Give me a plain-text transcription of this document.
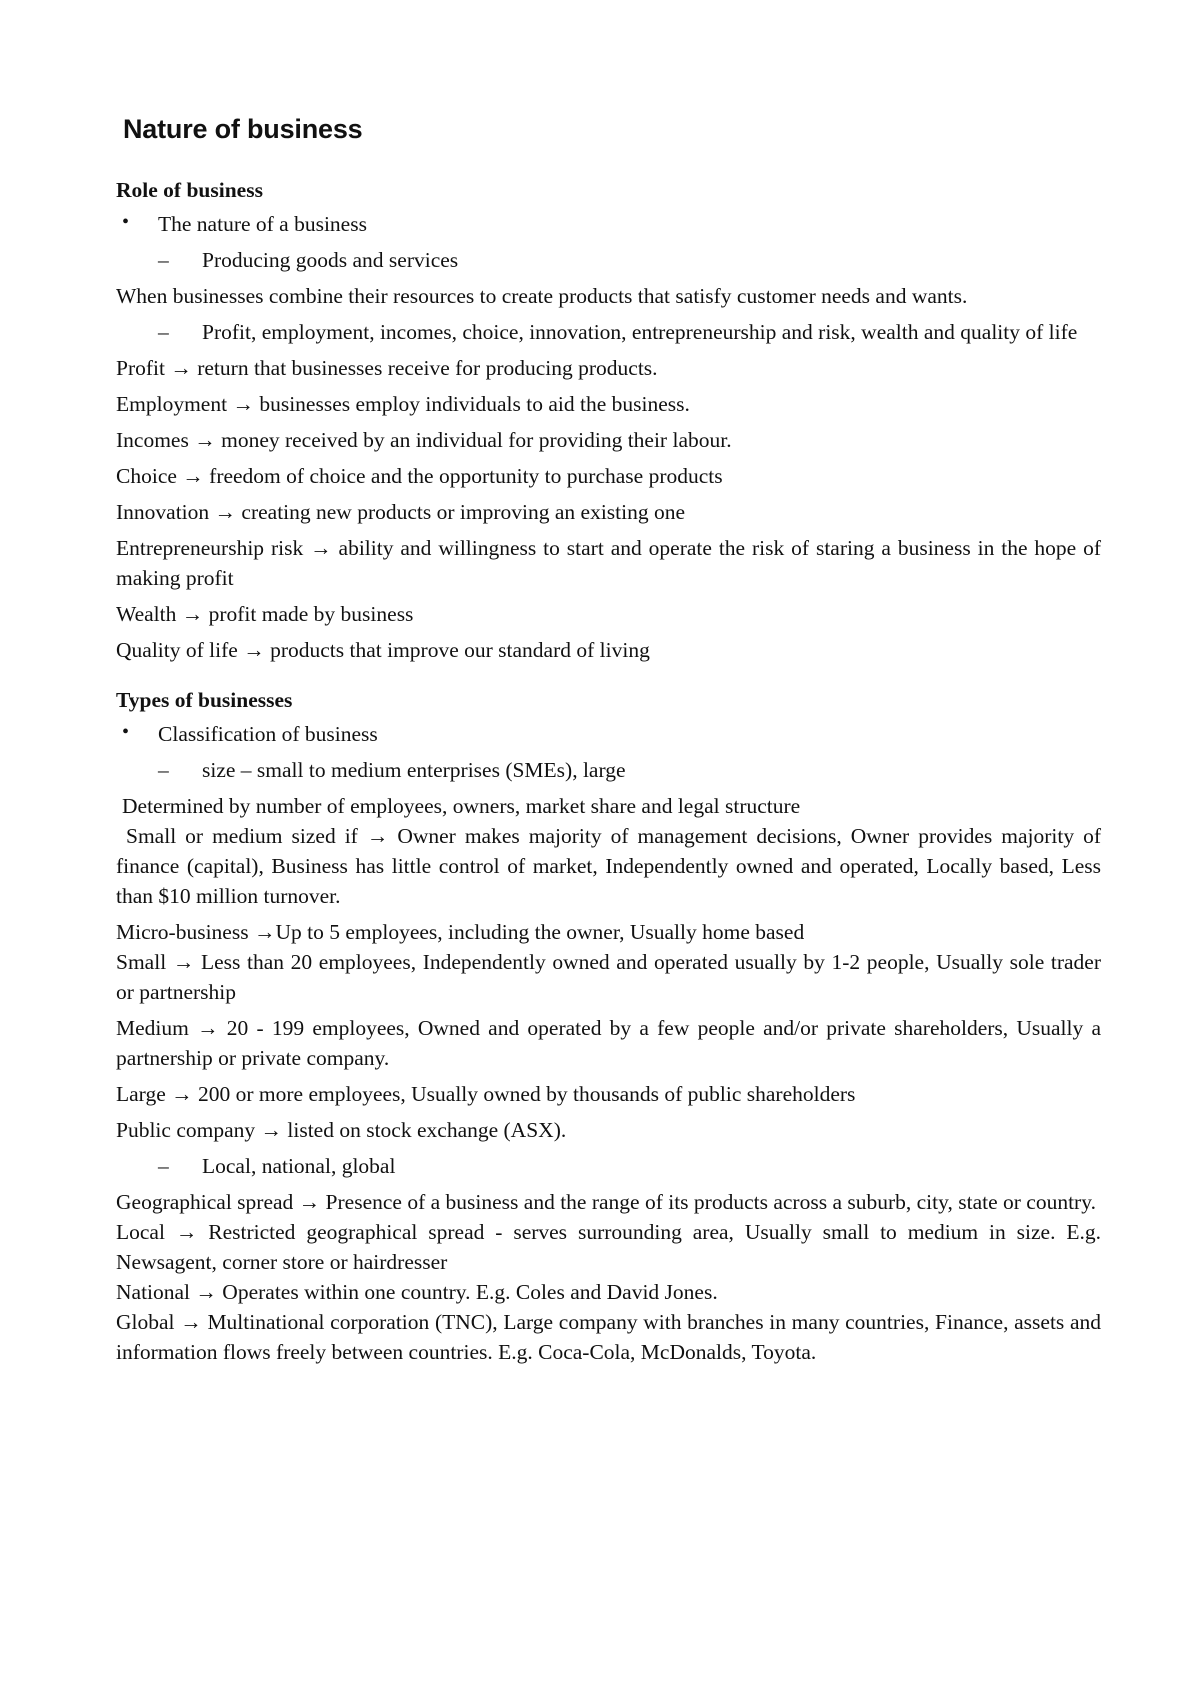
Nature of business
Role of business
• The nature of a business
– Producing goods and services
When businesses combine their resources to create products that satisfy customer needs and wants.
– Profit, employment, incomes, choice, innovation, entrepreneurship and risk, wealth and quality of life
Profit → return that businesses receive for producing products.
Employment → businesses employ individuals to aid the business.
Incomes → money received by an individual for providing their labour.
Choice → freedom of choice and the opportunity to purchase products
Innovation → creating new products or improving an existing one
Entrepreneurship risk → ability and willingness to start and operate the risk of staring a business in the hope of making profit
Wealth → profit made by business
Quality of life → products that improve our standard of living
Types of businesses
• Classification of business
– size – small to medium enterprises (SMEs), large
Determined by number of employees, owners, market share and legal structure
Small or medium sized if → Owner makes majority of management decisions, Owner provides majority of finance (capital), Business has little control of market, Independently owned and operated, Locally based, Less than $10 million turnover.
Micro-business →Up to 5 employees, including the owner, Usually home based
Small → Less than 20 employees, Independently owned and operated usually by 1-2 people, Usually sole trader or partnership
Medium → 20 - 199 employees, Owned and operated by a few people and/or private shareholders, Usually a partnership or private company.
Large → 200 or more employees, Usually owned by thousands of public shareholders
Public company → listed on stock exchange (ASX).
– Local, national, global
Geographical spread → Presence of a business and the range of its products across a suburb, city, state or country.
Local → Restricted geographical spread - serves surrounding area, Usually small to medium in size. E.g. Newsagent, corner store or hairdresser
National → Operates within one country. E.g. Coles and David Jones.
Global → Multinational corporation (TNC), Large company with branches in many countries, Finance, assets and information flows freely between countries. E.g. Coca-Cola, McDonalds, Toyota.
